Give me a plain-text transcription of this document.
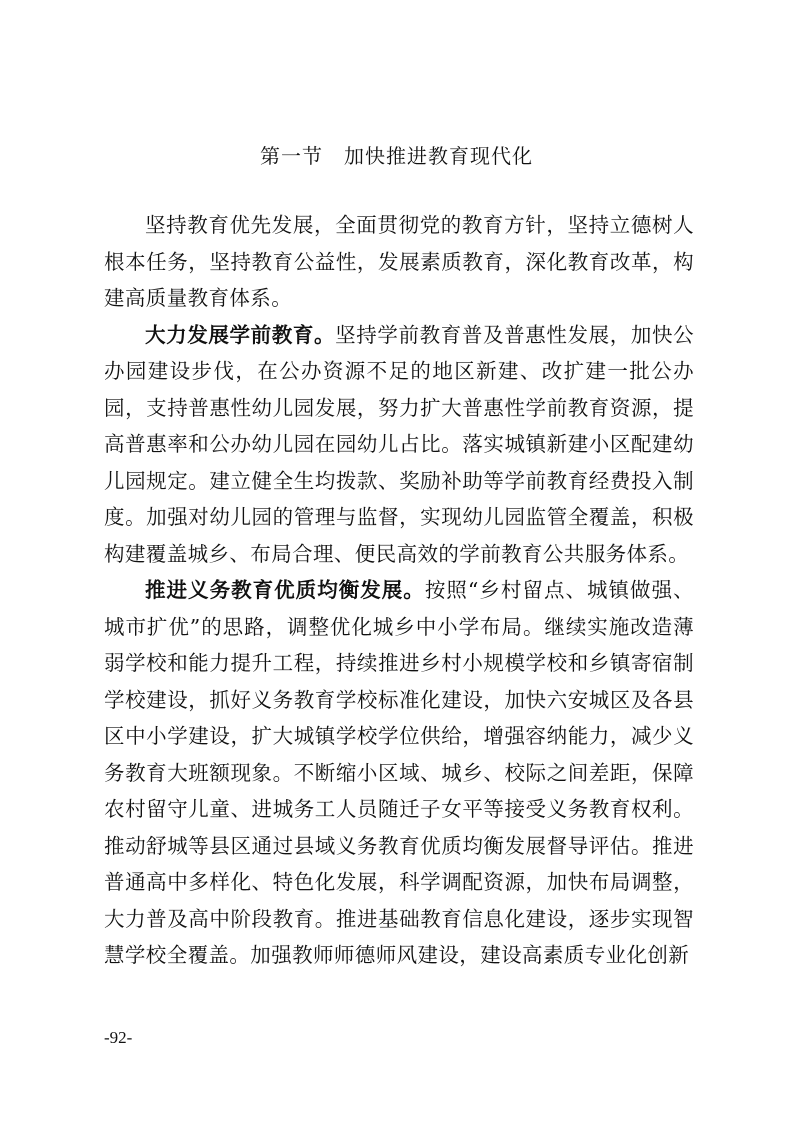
第一节　加快推进教育现代化

坚持教育优先发展，全面贯彻党的教育方针，坚持立德树人根本任务，坚持教育公益性，发展素质教育，深化教育改革，构建高质量教育体系。

大力发展学前教育。坚持学前教育普及普惠性发展，加快公办园建设步伐，在公办资源不足的地区新建、改扩建一批公办园，支持普惠性幼儿园发展，努力扩大普惠性学前教育资源，提高普惠率和公办幼儿园在园幼儿占比。落实城镇新建小区配建幼儿园规定。建立健全生均拨款、奖励补助等学前教育经费投入制度。加强对幼儿园的管理与监督，实现幼儿园监管全覆盖，积极构建覆盖城乡、布局合理、便民高效的学前教育公共服务体系。

推进义务教育优质均衡发展。按照“乡村留点、城镇做强、城市扩优”的思路，调整优化城乡中小学布局。继续实施改造薄弱学校和能力提升工程，持续推进乡村小规模学校和乡镇寄宿制学校建设，抓好义务教育学校标准化建设，加快六安城区及各县区中小学建设，扩大城镇学校学位供给，增强容纳能力，减少义务教育大班额现象。不断缩小区域、城乡、校际之间差距，保障农村留守儿童、进城务工人员随迁子女平等接受义务教育权利。推动舒城等县区通过县域义务教育优质均衡发展督导评估。推进普通高中多样化、特色化发展，科学调配资源，加快布局调整，大力普及高中阶段教育。推进基础教育信息化建设，逐步实现智慧学校全覆盖。加强教师师德师风建设，建设高素质专业化创新

-92-
